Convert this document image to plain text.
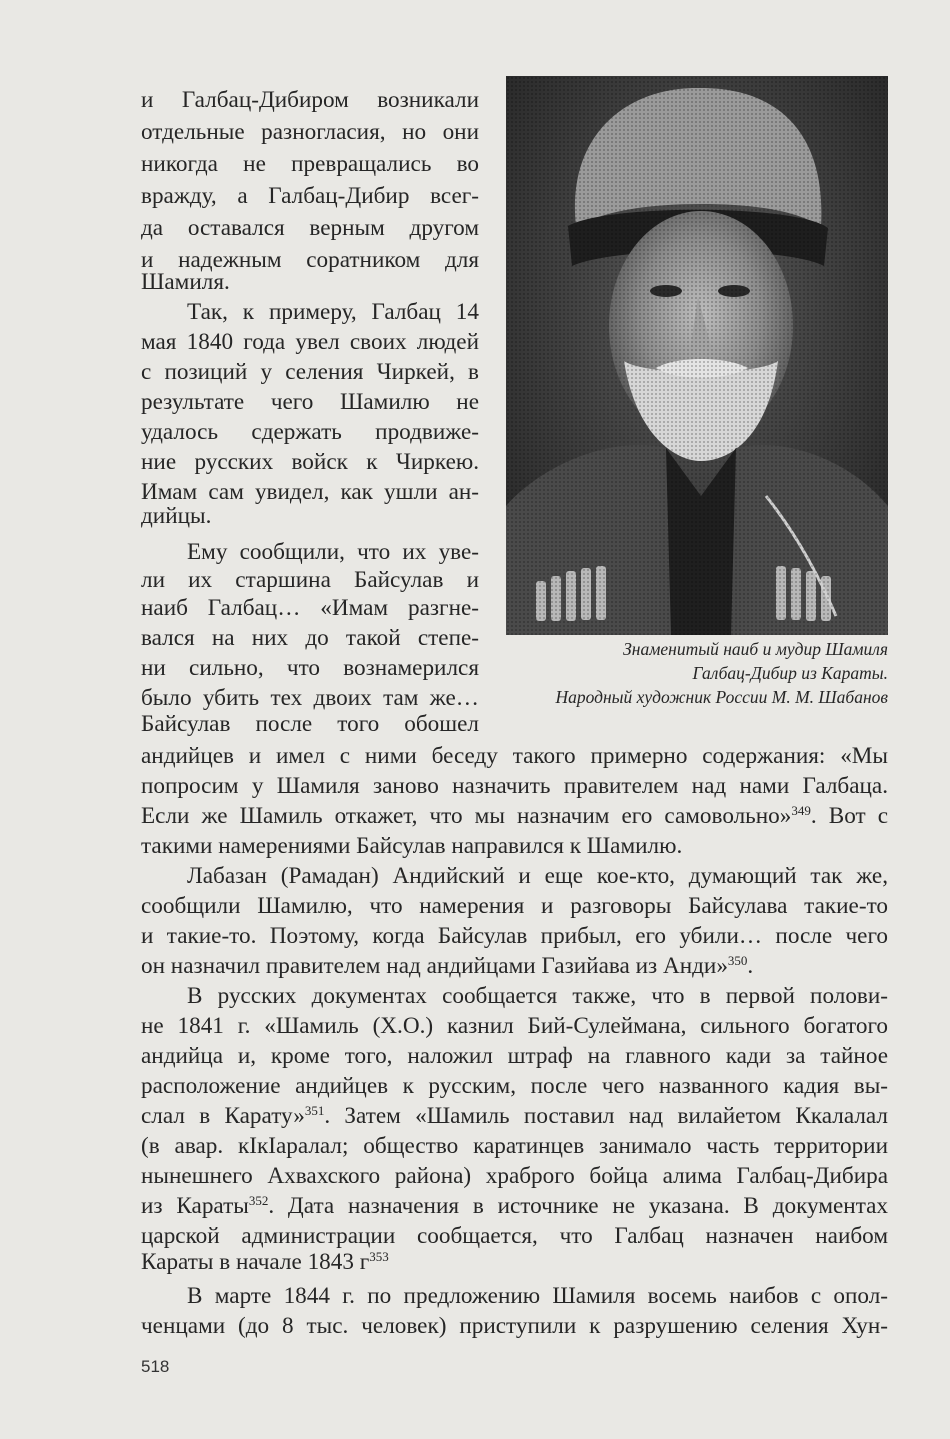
Знаменитый наиб и мудир Шамиля
Галбац-Дибир из Караты.
Народный художник России М. М. Шабанов
и Галбац-Дибиром возникали
отдельные разногласия, но они
никогда не превращались во
вражду, а Галбац-Дибир всег-
да оставался верным другом
и надежным соратником для
Шамиля.
Так, к примеру, Галбац 14
мая 1840 года увел своих людей
с позиций у селения Чиркей, в
результате чего Шамилю не
удалось сдержать продвиже-
ние русских войск к Чиркею.
Имам сам увидел, как ушли ан-
дийцы.
Ему сообщили, что их уве-
ли их старшина Байсулав и
наиб Галбац… «Имам разгне-
вался на них до такой степе-
ни сильно, что вознамерился
было убить тех двоих там же…
Байсулав после того обошел
андийцев и имел с ними беседу такого примерно содержания: «Мы
попросим у Шамиля заново назначить правителем над нами Галбаца.
Если же Шамиль откажет, что мы назначим его самовольно»$^{349}$. Вот с
такими намерениями Байсулав направился к Шамилю.
Лабазан (Рамадан) Андийский и еще кое-кто, думающий так же,
сообщили Шамилю, что намерения и разговоры Байсулава такие-то
и такие-то. Поэтому, когда Байсулав прибыл, его убили… после чего
он назначил правителем над андийцами Газийава из Анди»$^{350}$.
В русских документах сообщается также, что в первой полови-
не 1841 г. «Шамиль (Х.О.) казнил Бий-Сулеймана, сильного богатого
андийца и, кроме того, наложил штраф на главного кади за тайное
расположение андийцев к русским, после чего названного кадия вы-
слал в Карату»$^{351}$. Затем «Шамиль поставил над вилайетом Ккалалал
(в авар. кІкІаралал; общество каратинцев занимало часть территории
нынешнего Ахвахского района) храброго бойца алима Галбац-Дибира
из Караты$^{352}$. Дата назначения в источнике не указана. В документах
царской администрации сообщается, что Галбац назначен наибом
Караты в начале 1843 $г^{353}$
В марте 1844 г. по предложению Шамиля восемь наибов с опол-
ченцами (до 8 тыс. человек) приступили к разрушению селения Хун-
518
